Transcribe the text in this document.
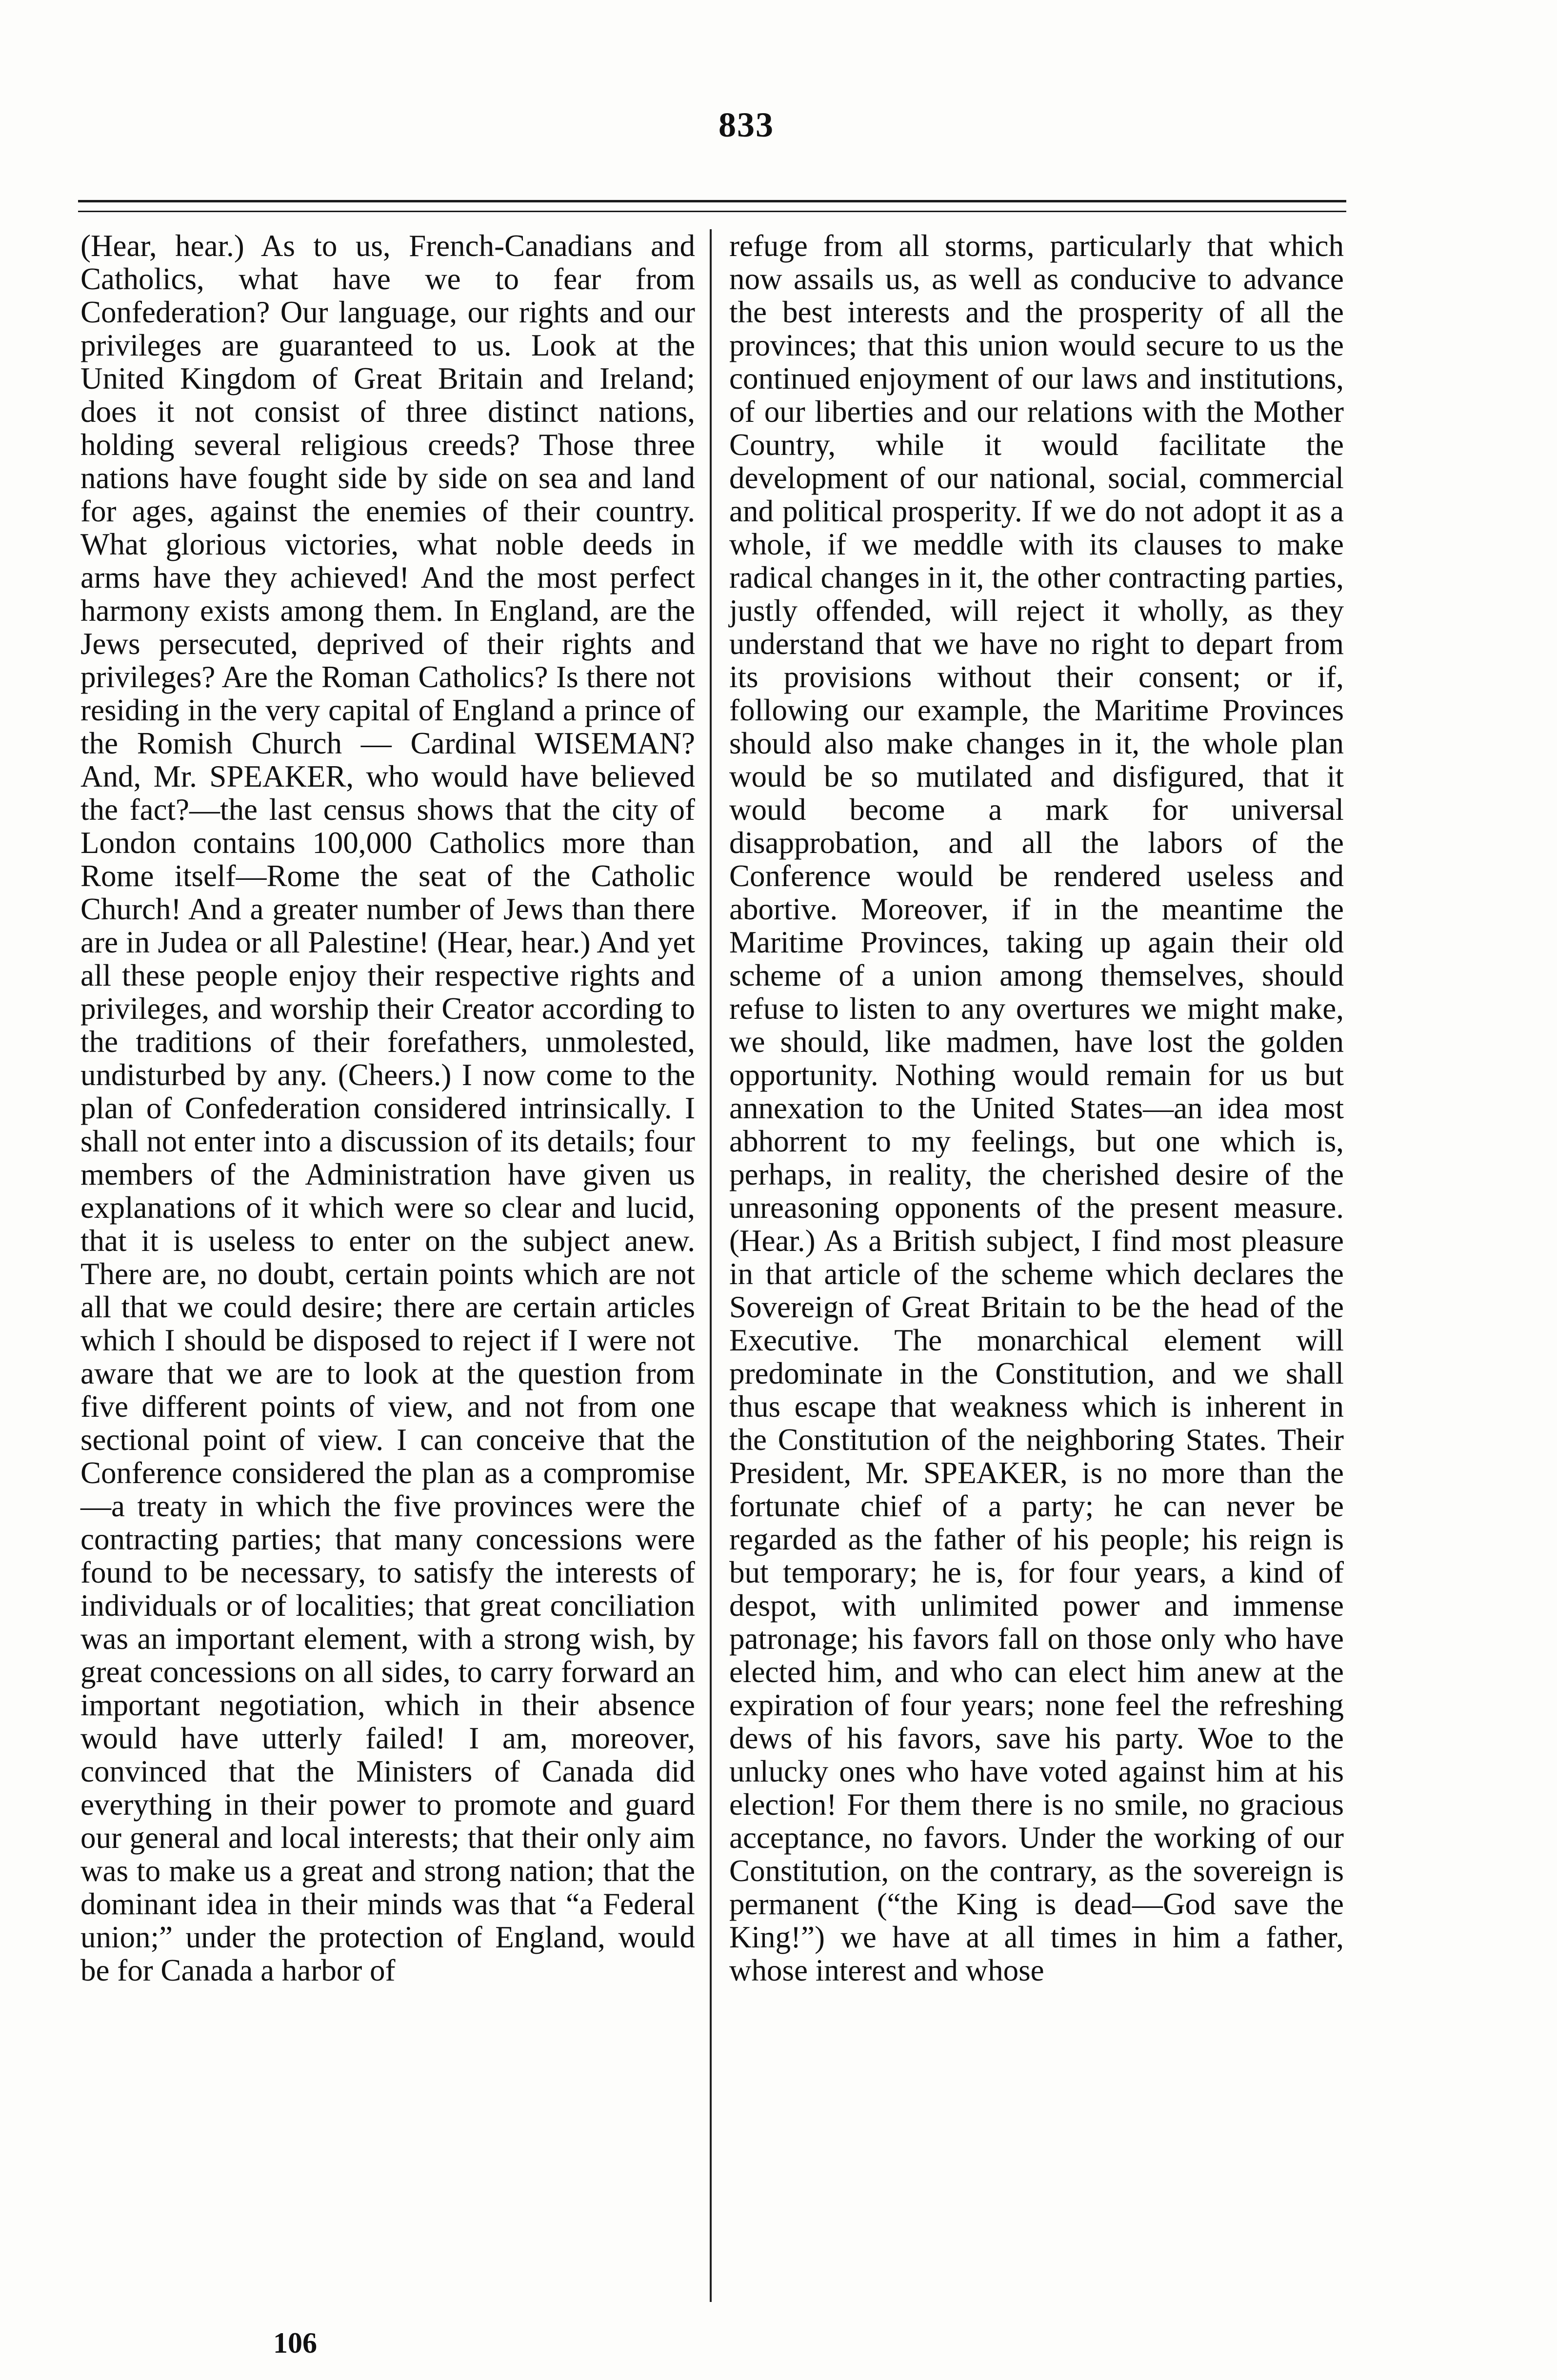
833

(Hear, hear.) As to us, French-Canadians and Catholics, what have we to fear from Confederation? Our language, our rights and our privileges are guaranteed to us. Look at the United Kingdom of Great Britain and Ireland; does it not consist of three distinct nations, holding several religious creeds? Those three nations have fought side by side on sea and land for ages, against the enemies of their country. What glorious victories, what noble deeds in arms have they achieved! And the most perfect harmony exists among them. In England, are the Jews persecuted, deprived of their rights and privileges? Are the Roman Catholics? Is there not residing in the very capital of England a prince of the Romish Church — Cardinal WISEMAN? And, Mr. SPEAKER, who would have believed the fact?—the last census shows that the city of London contains 100,000 Catholics more than Rome itself—Rome the seat of the Catholic Church! And a greater number of Jews than there are in Judea or all Palestine! (Hear, hear.) And yet all these people enjoy their respective rights and privileges, and worship their Creator according to the traditions of their forefathers, unmolested, undisturbed by any. (Cheers.) I now come to the plan of Confederation considered intrinsically. I shall not enter into a discussion of its details; four members of the Administration have given us explanations of it which were so clear and lucid, that it is useless to enter on the subject anew. There are, no doubt, certain points which are not all that we could desire; there are certain articles which I should be disposed to reject if I were not aware that we are to look at the question from five different points of view, and not from one sectional point of view. I can conceive that the Conference considered the plan as a compromise—a treaty in which the five provinces were the contracting parties; that many concessions were found to be necessary, to satisfy the interests of individuals or of localities; that great conciliation was an important element, with a strong wish, by great concessions on all sides, to carry forward an important negotiation, which in their absence would have utterly failed! I am, moreover, convinced that the Ministers of Canada did everything in their power to promote and guard our general and local interests; that their only aim was to make us a great and strong nation; that the dominant idea in their minds was that “a Federal union;” under the protection of England, would be for Canada a harbor of

refuge from all storms, particularly that which now assails us, as well as conducive to advance the best interests and the prosperity of all the provinces; that this union would secure to us the continued enjoyment of our laws and institutions, of our liberties and our relations with the Mother Country, while it would facilitate the development of our national, social, commercial and political prosperity. If we do not adopt it as a whole, if we meddle with its clauses to make radical changes in it, the other contracting parties, justly offended, will reject it wholly, as they understand that we have no right to depart from its provisions without their consent; or if, following our example, the Maritime Provinces should also make changes in it, the whole plan would be so mutilated and disfigured, that it would become a mark for universal disapprobation, and all the labors of the Conference would be rendered useless and abortive. Moreover, if in the meantime the Maritime Provinces, taking up again their old scheme of a union among themselves, should refuse to listen to any overtures we might make, we should, like madmen, have lost the golden opportunity. Nothing would remain for us but annexation to the United States—an idea most abhorrent to my feelings, but one which is, perhaps, in reality, the cherished desire of the unreasoning opponents of the present measure. (Hear.) As a British subject, I find most pleasure in that article of the scheme which declares the Sovereign of Great Britain to be the head of the Executive. The monarchical element will predominate in the Constitution, and we shall thus escape that weakness which is inherent in the Constitution of the neighboring States. Their President, Mr. SPEAKER, is no more than the fortunate chief of a party; he can never be regarded as the father of his people; his reign is but temporary; he is, for four years, a kind of despot, with unlimited power and immense patronage; his favors fall on those only who have elected him, and who can elect him anew at the expiration of four years; none feel the refreshing dews of his favors, save his party. Woe to the unlucky ones who have voted against him at his election! For them there is no smile, no gracious acceptance, no favors. Under the working of our Constitution, on the contrary, as the sovereign is permanent (“the King is dead—God save the King!”) we have at all times in him a father, whose interest and whose

106
